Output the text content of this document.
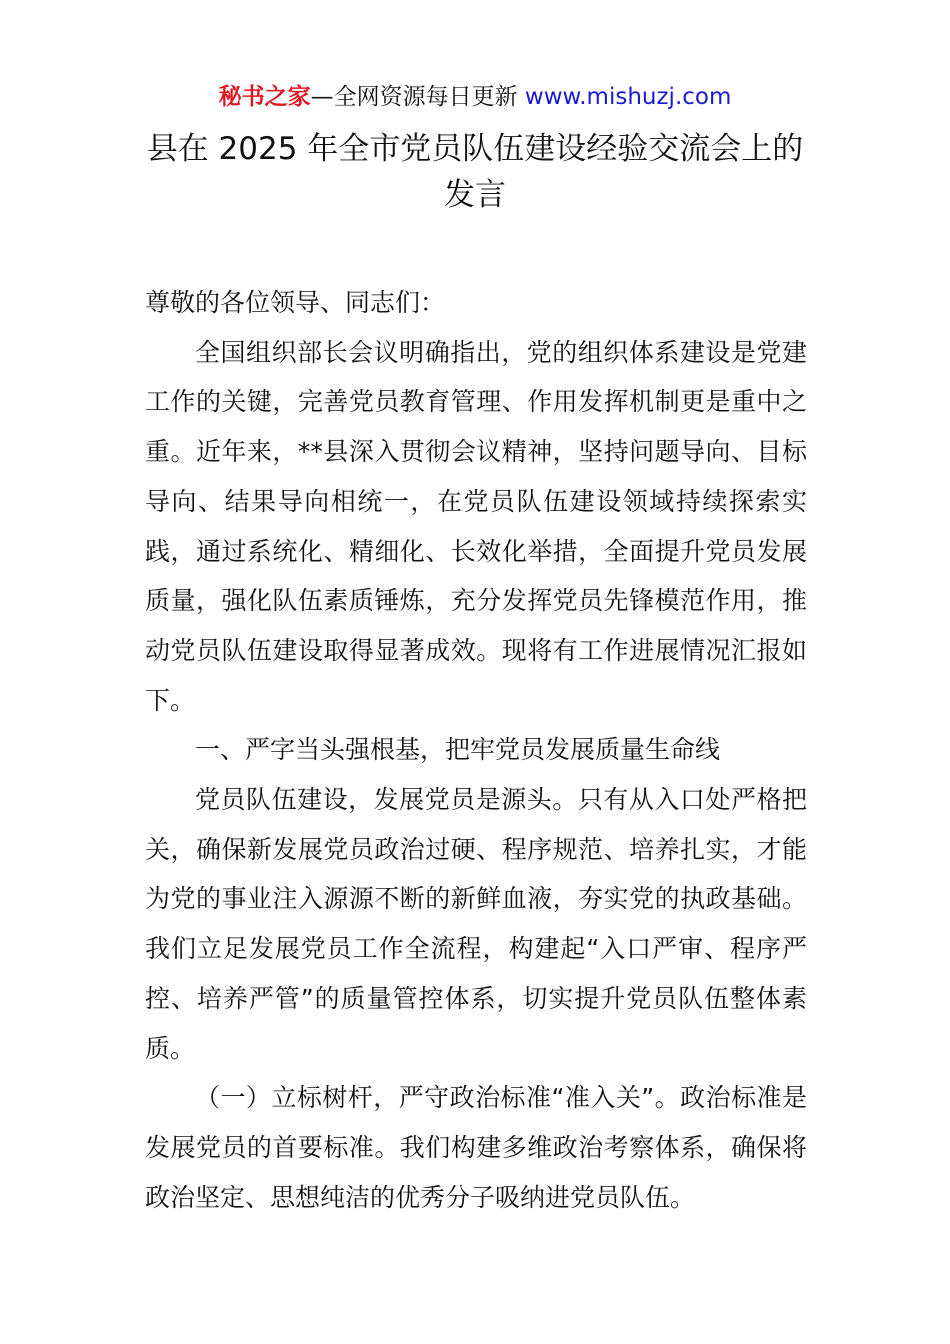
秘书之家—全网资源每日更新 www.mishuzj.com
县在 2025 年全市党员队伍建设经验交流会上的
发言

尊敬的各位领导、同志们：

全国组织部长会议明确指出，党的组织体系建设是党建工作的关键，完善党员教育管理、作用发挥机制更是重中之重。近年来，**县深入贯彻会议精神，坚持问题导向、目标导向、结果导向相统一，在党员队伍建设领域持续探索实践，通过系统化、精细化、长效化举措，全面提升党员发展质量，强化队伍素质锤炼，充分发挥党员先锋模范作用，推动党员队伍建设取得显著成效。现将有工作进展情况汇报如下。

一、严字当头强根基，把牢党员发展质量生命线

党员队伍建设，发展党员是源头。只有从入口处严格把关，确保新发展党员政治过硬、程序规范、培养扎实，才能为党的事业注入源源不断的新鲜血液，夯实党的执政基础。我们立足发展党员工作全流程，构建起“入口严审、程序严控、培养严管”的质量管控体系，切实提升党员队伍整体素质。

（一）立标树杆，严守政治标准“准入关”。政治标准是发展党员的首要标准。我们构建多维政治考察体系，确保将政治坚定、思想纯洁的优秀分子吸纳进党员队伍。
